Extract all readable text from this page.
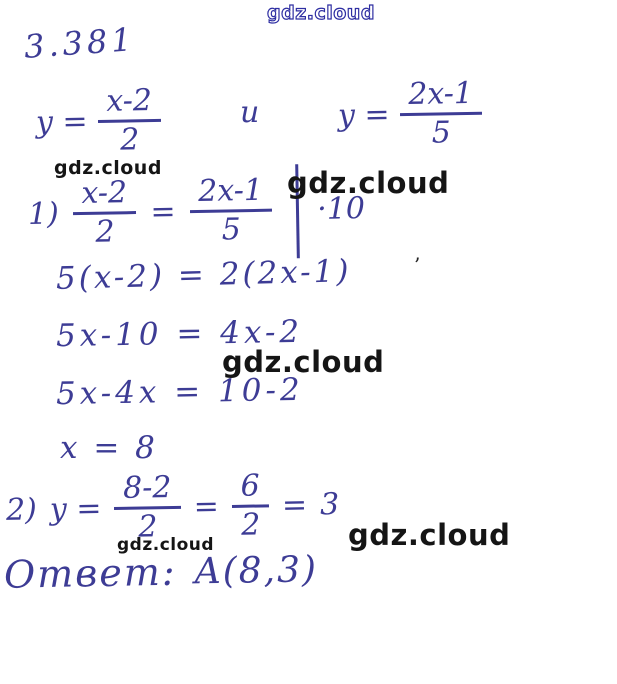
gdz.cloud
gdz.cloud	gdz.cloud
gdz.cloud
gdz.cloud	gdz.cloud
3.381
$y = \frac{x-2}{2}$	и	$y = \frac{2x-1}{5}$
$1) \frac{x-2}{2} = \frac{2x-1}{5} \cdot 10$
5(x-2) = 2(2x-1)
5x-10 = 4x-2
5x-4x = 10-2
x = 8
2) $y = \frac{8-2}{2} = \frac{6}{2} = 3$
Ответ: A(8,3)
’
